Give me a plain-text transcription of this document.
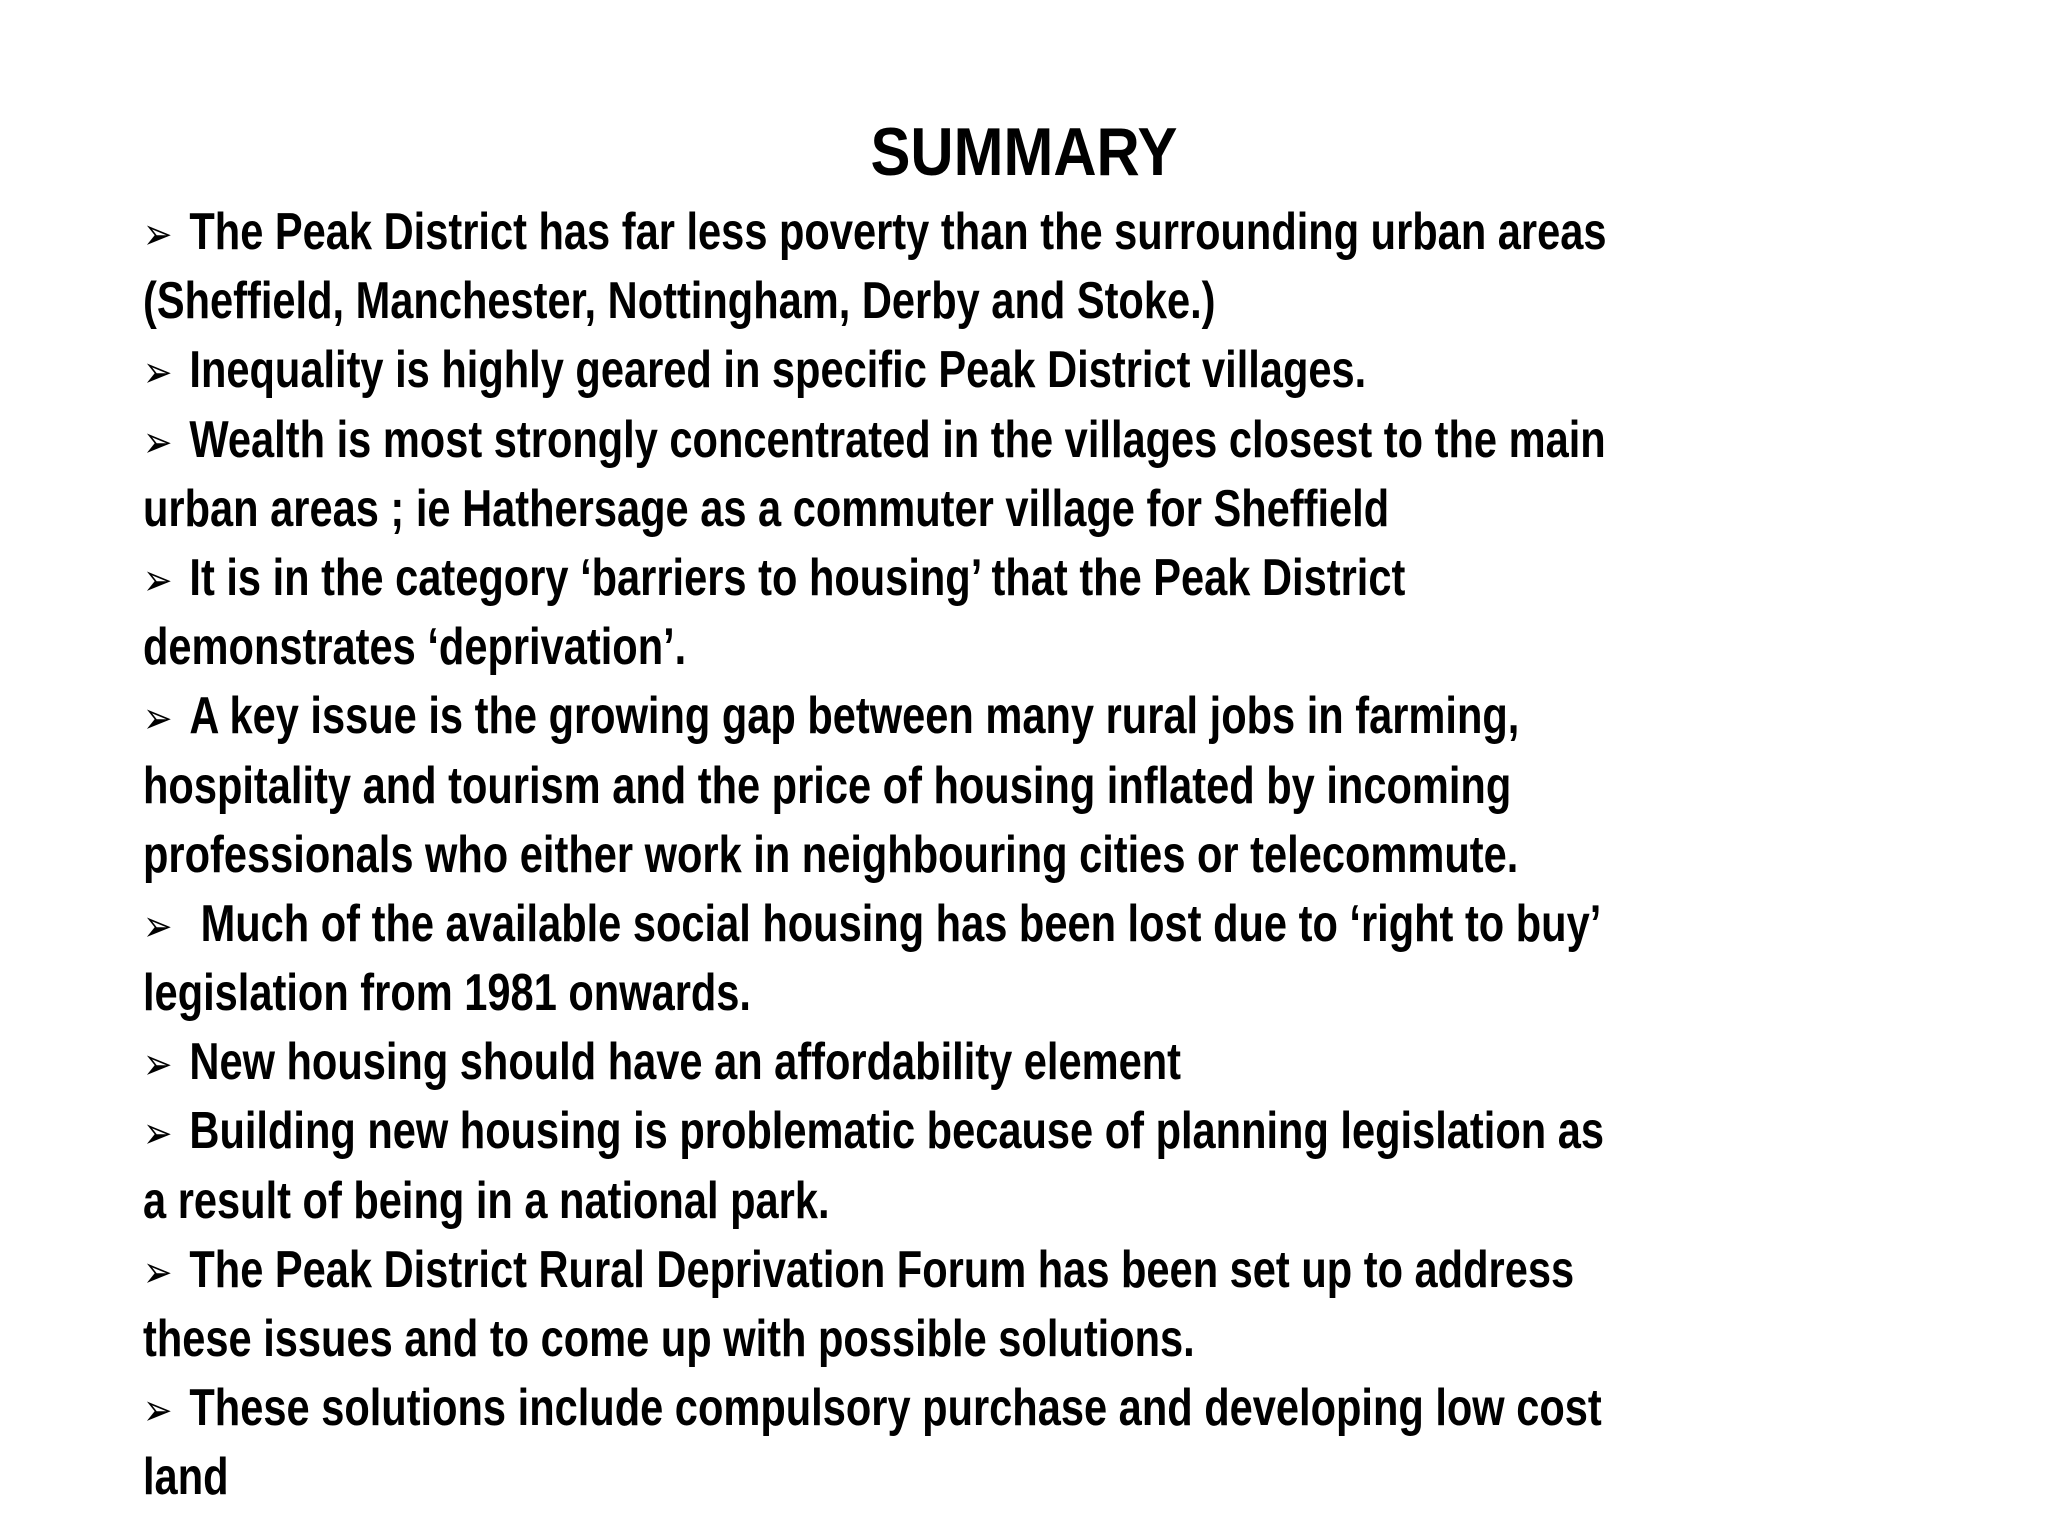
SUMMARY
➢ The Peak District has far less poverty than the surrounding urban areas
(Sheffield, Manchester, Nottingham, Derby and Stoke.)
➢ Inequality is highly geared in specific Peak District villages.
➢ Wealth is most strongly concentrated in the villages closest to the main
urban areas ; ie Hathersage as a commuter village for Sheffield
➢ It is in the category ‘barriers to housing’ that the Peak District
demonstrates ‘deprivation’.
➢ A key issue is the growing gap between many rural jobs in farming,
hospitality and tourism and the price of housing inflated by incoming
professionals who either work in neighbouring cities or telecommute.
➢ Much of the available social housing has been lost due to ‘right to buy’
legislation from 1981 onwards.
➢ New housing should have an affordability element
➢ Building new housing is problematic because of planning legislation as
a result of being in a national park.
➢ The Peak District Rural Deprivation Forum has been set up to address
these issues and to come up with possible solutions.
➢ These solutions include compulsory purchase and developing low cost
land
